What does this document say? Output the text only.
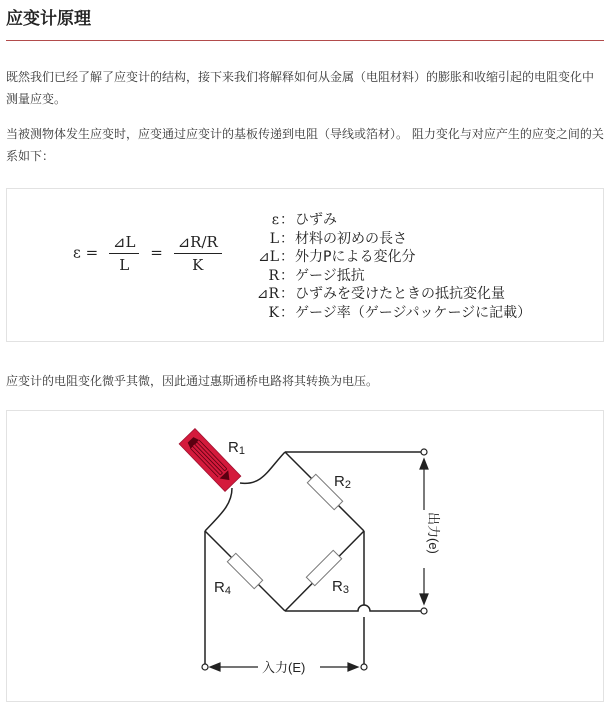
应变计原理
既然我们已经了解了应变计的结构，接下来我们将解释如何从金属（电阻材料）的膨胀和收缩引起的电阻变化中测量应变。
当被测物体发生应变时，应变通过应变计的基板传递到电阻（导线或箔材）。 阻力变化与对应产生的应变之间的关系如下：
$\varepsilon = \frac{⊿L}{L} = \frac{⊿R/R}{K}$
ε：ひずみ
L：材料の初めの長さ
⊿L：外力Pによる変化分
R：ゲージ抵抗
⊿R：ひずみを受けたときの抵抗変化量
K：ゲージ率（ゲージパッケージに記載）
应变计的电阻变化微乎其微，因此通过惠斯通桥电路将其转换为电压。
R1
R2
R3
R4
出力(e)
入力(E)
